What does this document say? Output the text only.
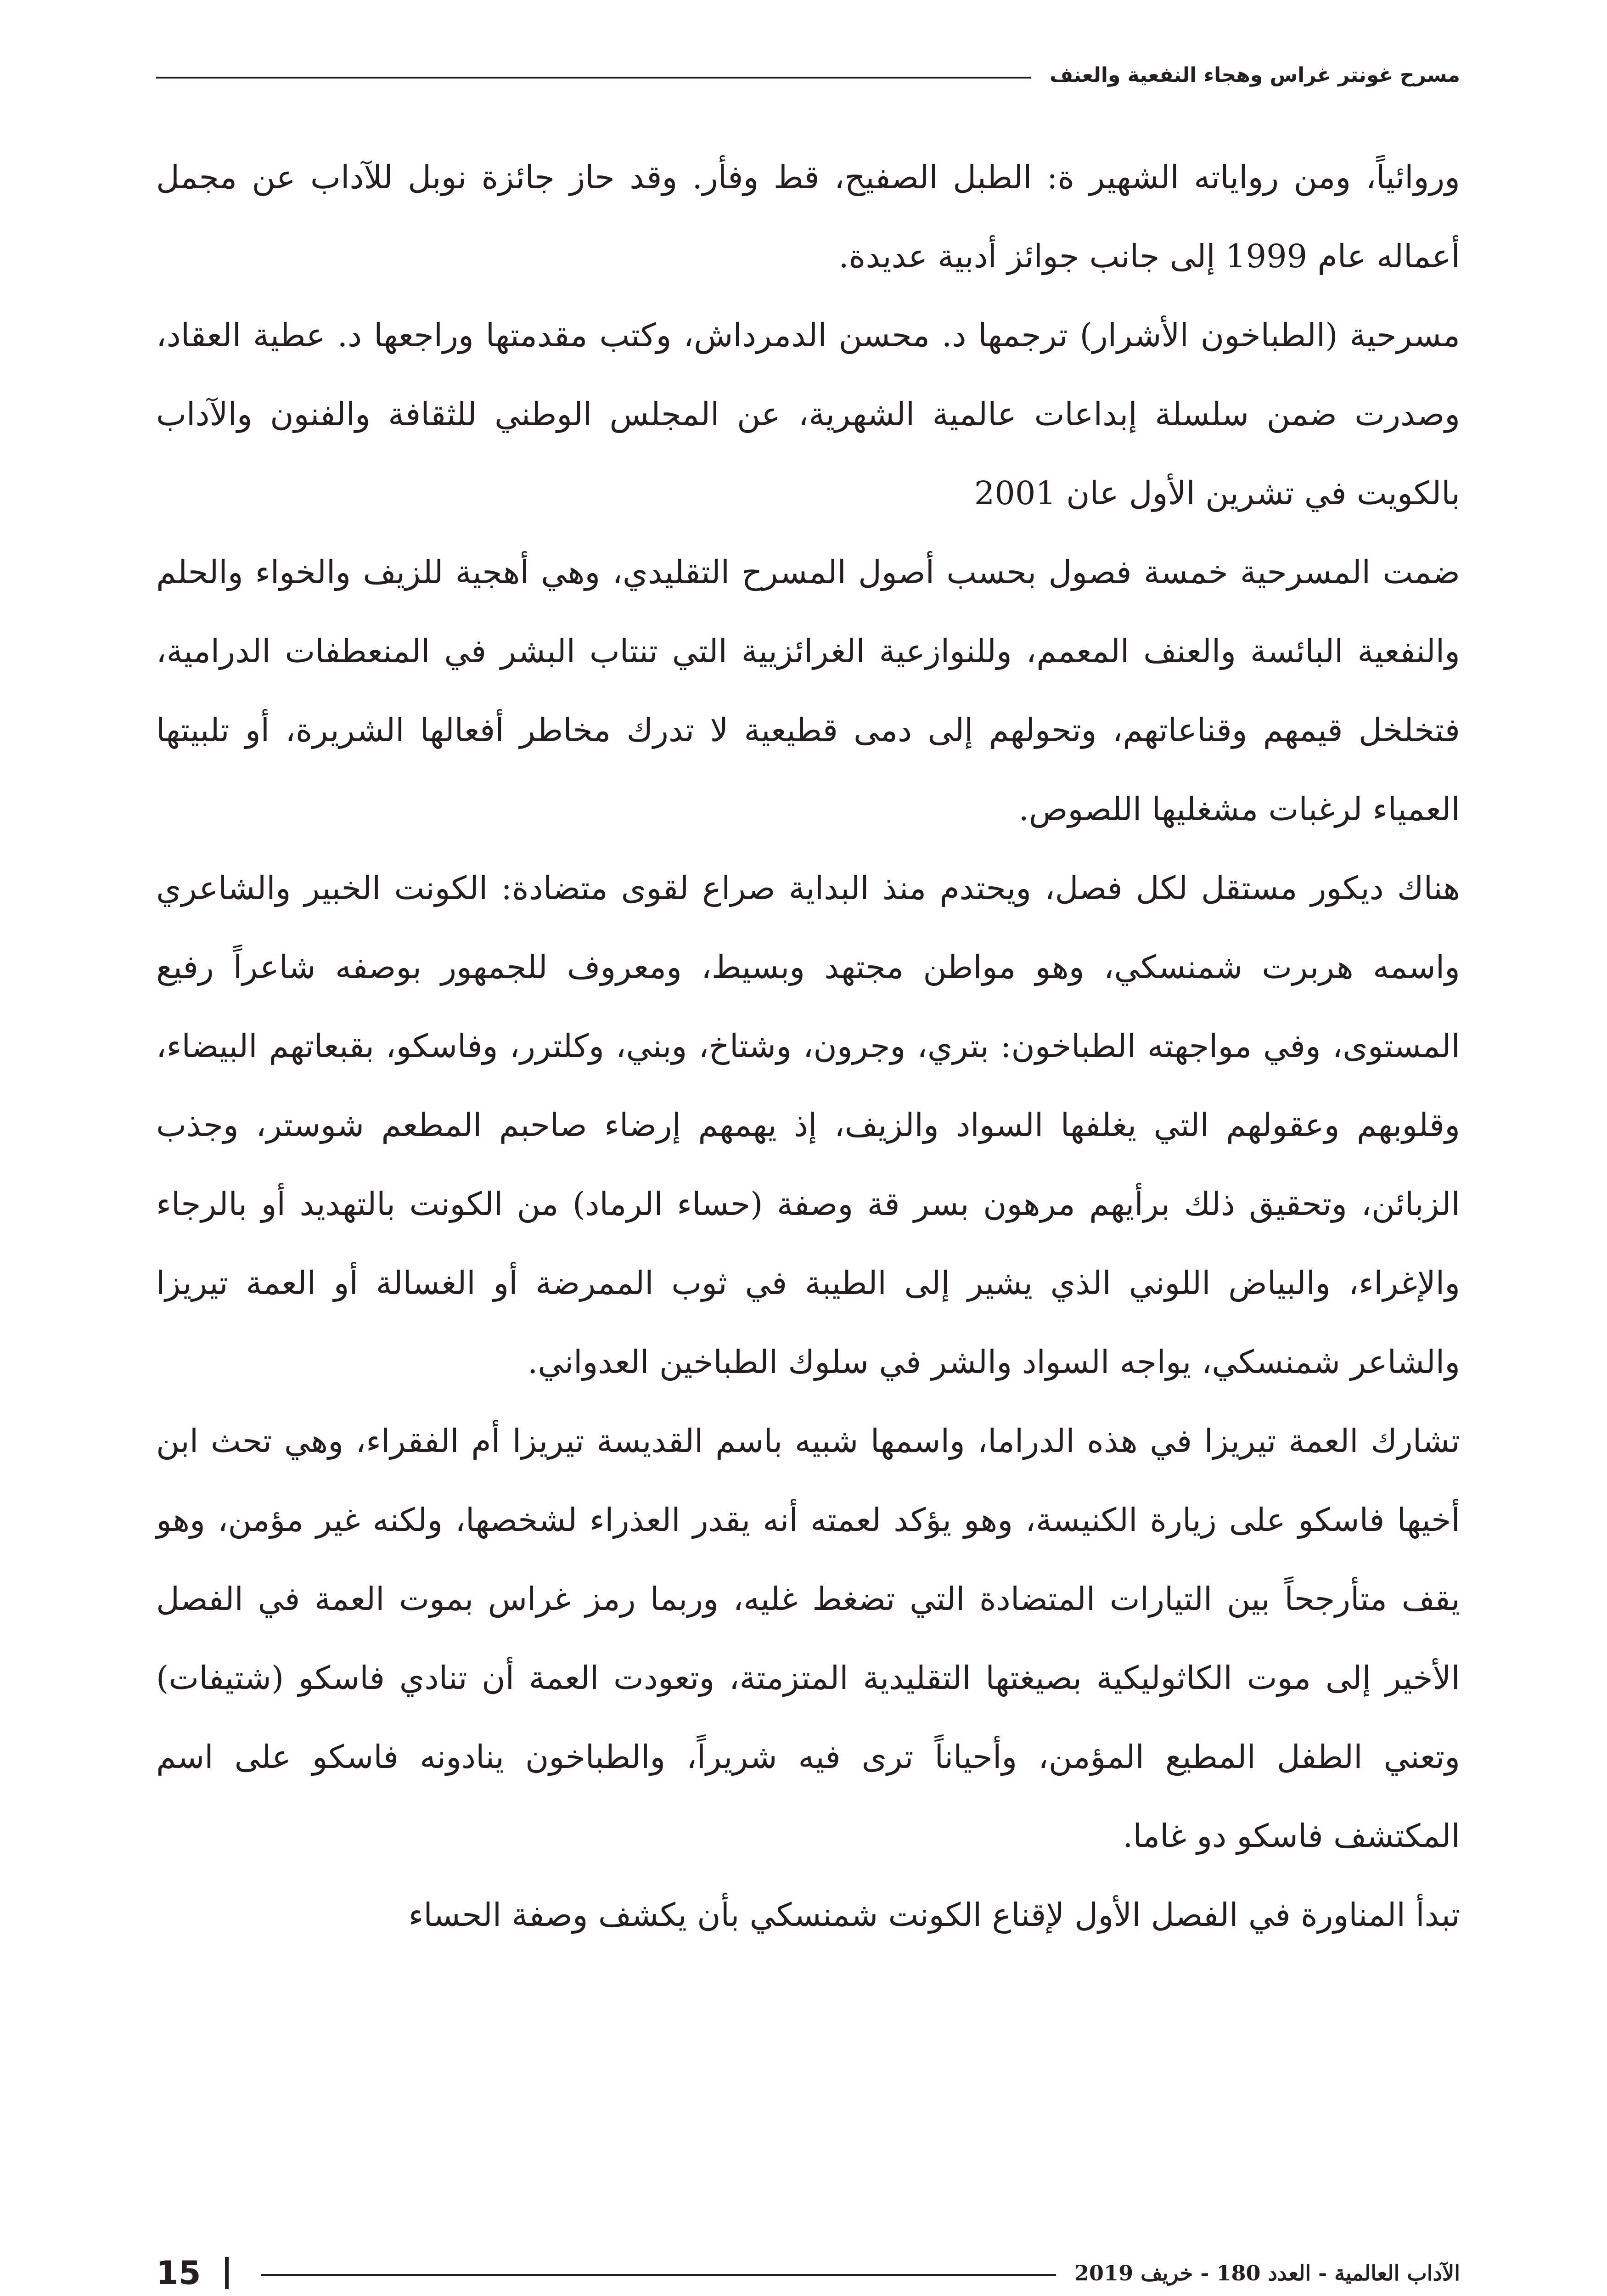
مسرح غونتر غراس وهجاء النفعية والعنف

وروائياً، ومن رواياته الشهير ة: الطبل الصفيح، قط وفأر. وقد حاز جائزة نوبل للآداب عن مجمل أعماله عام 1999 إلى جانب جوائز أدبية عديدة.

مسرحية (الطباخون الأشرار) ترجمها د. محسن الدمرداش، وكتب مقدمتها وراجعها د. عطية العقاد، وصدرت ضمن سلسلة إبداعات عالمية الشهرية، عن المجلس الوطني للثقافة والفنون والآداب بالكويت في تشرين الأول عان 2001

ضمت المسرحية خمسة فصول بحسب أصول المسرح التقليدي، وهي أهجية للزيف والخواء والحلم والنفعية البائسة والعنف المعمم، وللنوازعية الغرائزيية التي تنتاب البشر في المنعطفات الدرامية، فتخلخل قيمهم وقناعاتهم، وتحولهم إلى دمى قطيعية لا تدرك مخاطر أفعالها الشريرة، أو تلبيتها العمياء لرغبات مشغليها اللصوص.

هناك ديكور مستقل لكل فصل، ويحتدم منذ البداية صراع لقوى متضادة: الكونت الخبير والشاعري واسمه هربرت شمنسكي، وهو مواطن مجتهد وبسيط، ومعروف للجمهور بوصفه شاعراً رفيع المستوى، وفي مواجهته الطباخون: بتري، وجرون، وشتاخ، وبني، وكلترر، وفاسكو، بقبعاتهم البيضاء، وقلوبهم وعقولهم التي يغلفها السواد والزيف، إذ يهمهم إرضاء صاحبم المطعم شوستر، وجذب الزبائن، وتحقيق ذلك برأيهم مرهون بسر قة وصفة (حساء الرماد) من الكونت بالتهديد أو بالرجاء والإغراء، والبياض اللوني الذي يشير إلى الطيبة في ثوب الممرضة أو الغسالة أو العمة تيريزا والشاعر شمنسكي، يواجه السواد والشر في سلوك الطباخين العدواني.

تشارك العمة تيريزا في هذه الدراما، واسمها شبيه باسم القديسة تيريزا أم الفقراء، وهي تحث ابن أخيها فاسكو على زيارة الكنيسة، وهو يؤكد لعمته أنه يقدر العذراء لشخصها، ولكنه غير مؤمن، وهو يقف متأرجحاً بين التيارات المتضادة التي تضغط غليه، وربما رمز غراس بموت العمة في الفصل الأخير إلى موت الكاثوليكية بصيغتها التقليدية المتزمتة، وتعودت العمة أن تنادي فاسكو (شتيفات) وتعني الطفل المطيع المؤمن، وأحياناً ترى فيه شريراً، والطباخون ينادونه فاسكو على اسم المكتشف فاسكو دو غاما.

تبدأ المناورة في الفصل الأول لإقناع الكونت شمنسكي بأن يكشف وصفة الحساء

15	الآداب العالمية - العدد 180 - خريف 2019
